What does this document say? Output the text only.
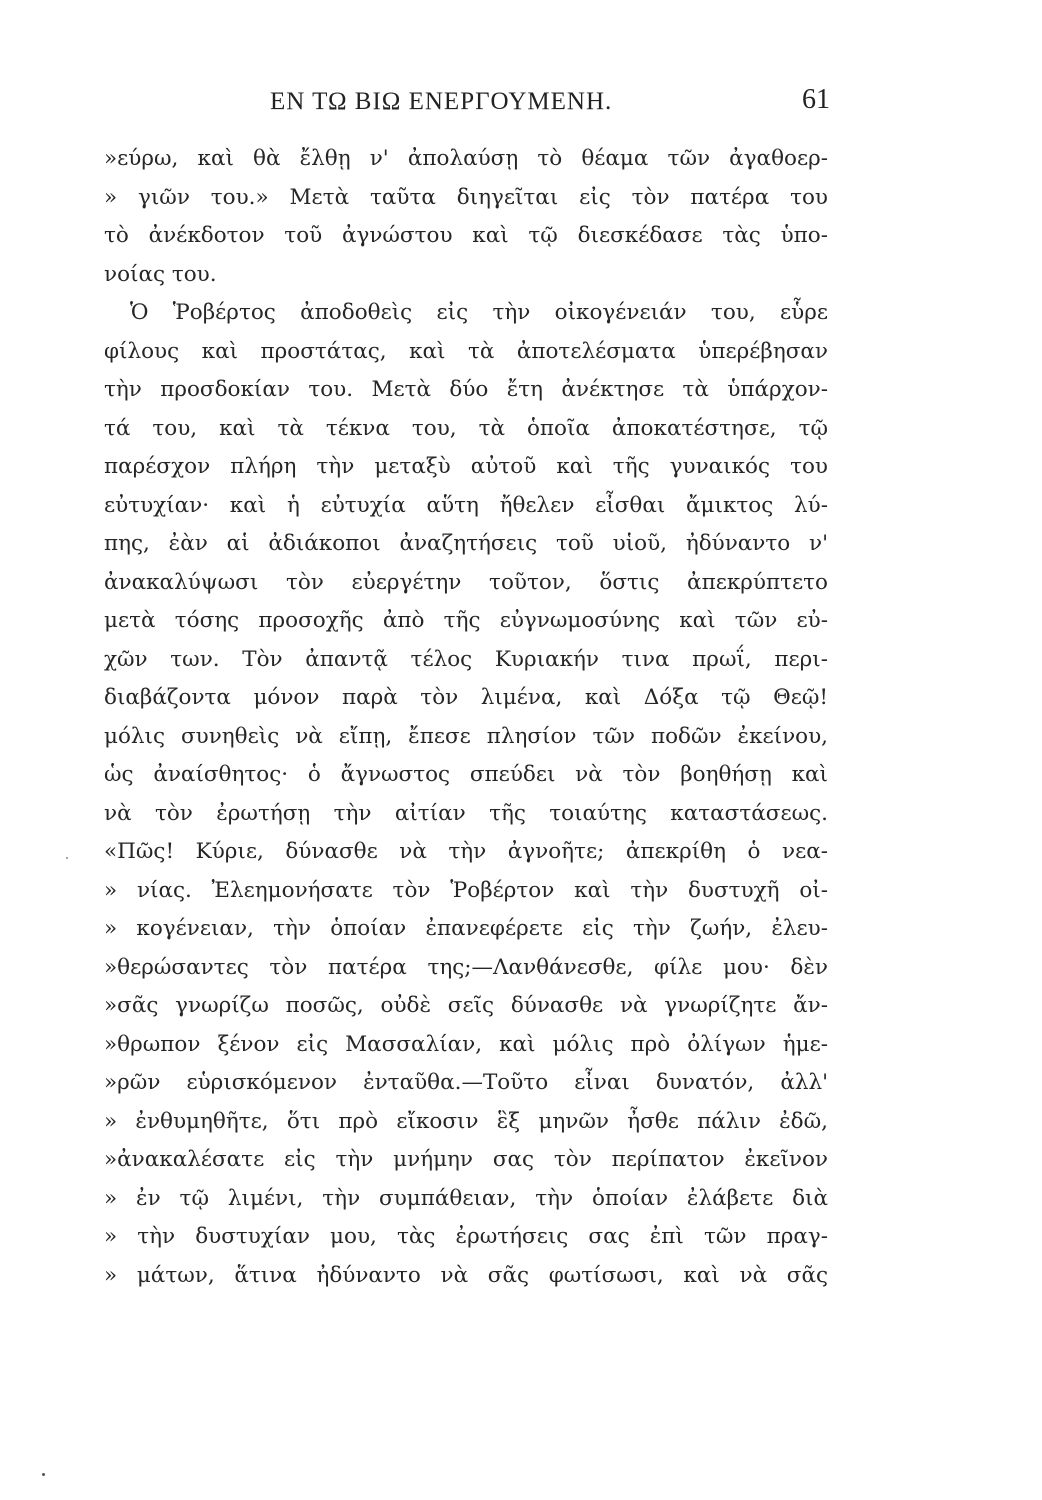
ΕΝ ΤΩ ΒΙΩ ΕΝΕΡΓΟΥΜΕΝΗ.	61
»εύρω, καὶ θὰ ἔλθῃ ν' ἀπολαύσῃ τὸ θέαμα τῶν ἀγαθοερ-
» γιῶν του.» Μετὰ ταῦτα διηγεῖται εἰς τὸν πατέρα του
τὸ ἀνέκδοτον τοῦ ἀγνώστου καὶ τῷ διεσκέδασε τὰς ὑπο-
νοίας του.
Ὁ Ῥοβέρτος ἀποδοθεὶς εἰς τὴν οἰκογένειάν του, εὗρε
φίλους καὶ προστάτας, καὶ τὰ ἀποτελέσματα ὑπερέβησαν
τὴν προσδοκίαν του. Μετὰ δύο ἔτη ἀνέκτησε τὰ ὑπάρχον-
τά του, καὶ τὰ τέκνα του, τὰ ὁποῖα ἀποκατέστησε, τῷ
παρέσχον πλήρη τὴν μεταξὺ αὐτοῦ καὶ τῆς γυναικός του
εὐτυχίαν· καὶ ἡ εὐτυχία αὕτη ἤθελεν εἶσθαι ἄμικτος λύ-
πης, ἐὰν αἱ ἀδιάκοποι ἀναζητήσεις τοῦ υἱοῦ, ἠδύναντο ν'
ἀνακαλύψωσι τὸν εὐεργέτην τοῦτον, ὅστις ἀπεκρύπτετο
μετὰ τόσης προσοχῆς ἀπὸ τῆς εὐγνωμοσύνης καὶ τῶν εὐ-
χῶν των. Τὸν ἀπαντᾷ τέλος Κυριακήν τινα πρωΐ, περι-
διαβάζοντα μόνον παρὰ τὸν λιμένα, καὶ Δόξα τῷ Θεῷ!
μόλις συνηθεὶς νὰ εἴπῃ, ἔπεσε πλησίον τῶν ποδῶν ἐκείνου,
ὡς ἀναίσθητος· ὁ ἄγνωστος σπεύδει νὰ τὸν βοηθήσῃ καὶ
νὰ τὸν ἐρωτήσῃ τὴν αἰτίαν τῆς τοιαύτης καταστάσεως.
«Πῶς! Κύριε, δύνασθε νὰ τὴν ἀγνοῆτε; ἀπεκρίθη ὁ νεα-
» νίας. Ἐλεημονήσατε τὸν Ῥοβέρτον καὶ τὴν δυστυχῆ οἰ-
» κογένειαν, τὴν ὁποίαν ἐπανεφέρετε εἰς τὴν ζωήν, ἐλευ-
»θερώσαντες τὸν πατέρα της;—Λανθάνεσθε, φίλε μου· δὲν
»σᾶς γνωρίζω ποσῶς, οὐδὲ σεῖς δύνασθε νὰ γνωρίζητε ἄν-
»θρωπον ξένον εἰς Μασσαλίαν, καὶ μόλις πρὸ ὀλίγων ἡμε-
»ρῶν εὑρισκόμενον ἐνταῦθα.—Τοῦτο εἶναι δυνατόν, ἀλλ'
» ἐνθυμηθῆτε, ὅτι πρὸ εἴκοσιν ἓξ μηνῶν ἦσθε πάλιν ἐδῶ,
»ἀνακαλέσατε εἰς τὴν μνήμην σας τὸν περίπατον ἐκεῖνον
» ἐν τῷ λιμένι, τὴν συμπάθειαν, τὴν ὁποίαν ἐλάβετε διὰ
» τὴν δυστυχίαν μου, τὰς ἐρωτήσεις σας ἐπὶ τῶν πραγ-
» μάτων, ἅτινα ἠδύναντο νὰ σᾶς φωτίσωσι, καὶ νὰ σᾶς
